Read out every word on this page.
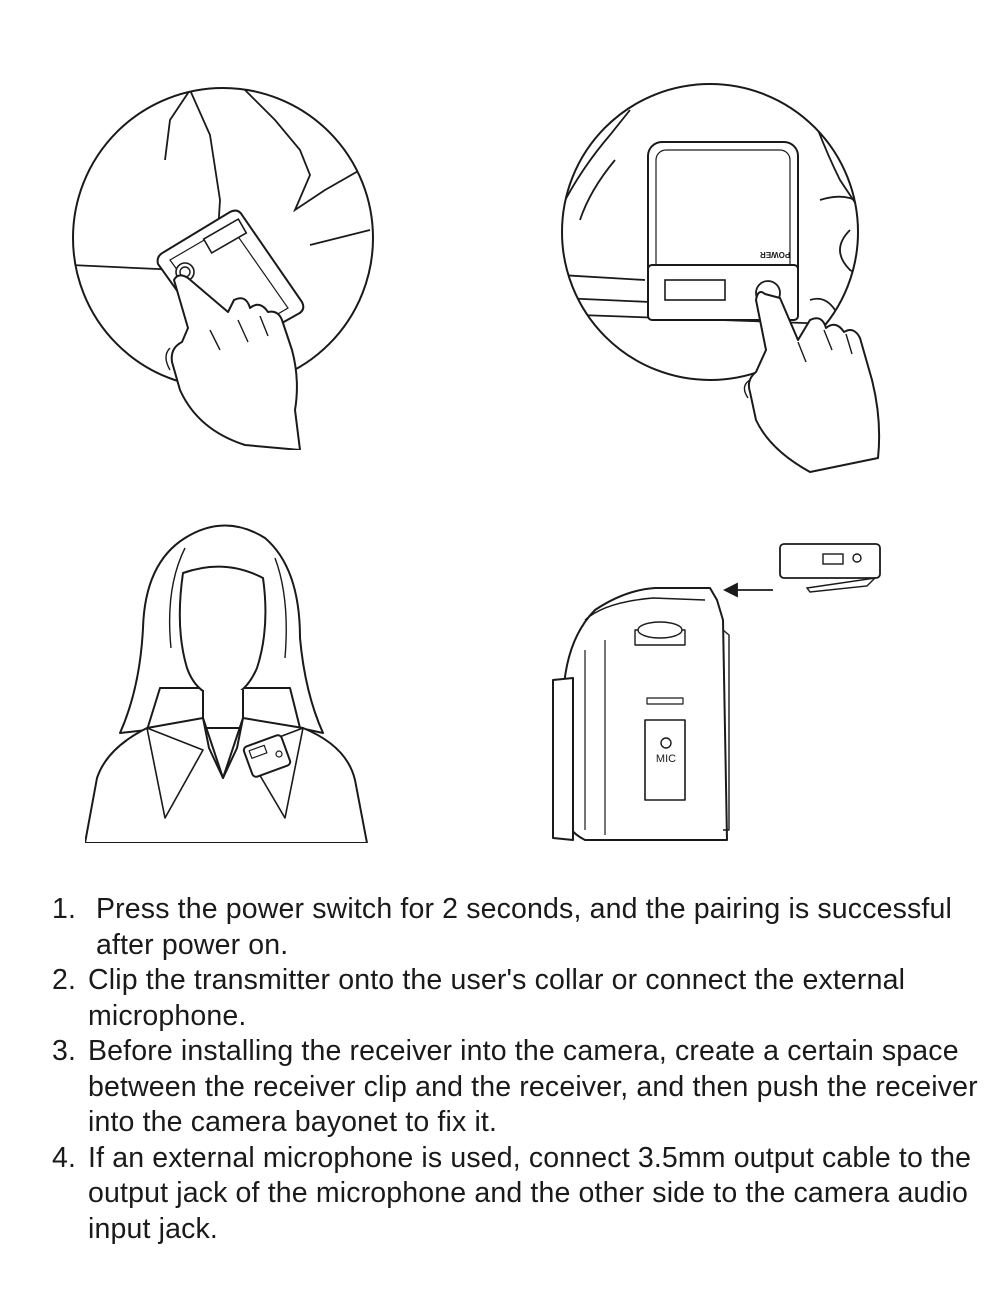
POWER
MIC
1. Press the power switch for 2 seconds, and the pairing is successful after power on.
2. Clip the transmitter onto the user's collar or connect the external microphone.
3. Before installing the receiver into the camera, create a certain space between the receiver clip and the receiver, and then push the receiver into the camera bayonet to fix it.
4. If an external microphone is used, connect 3.5mm output cable to the output jack of the microphone and the other side to the camera audio input jack.
